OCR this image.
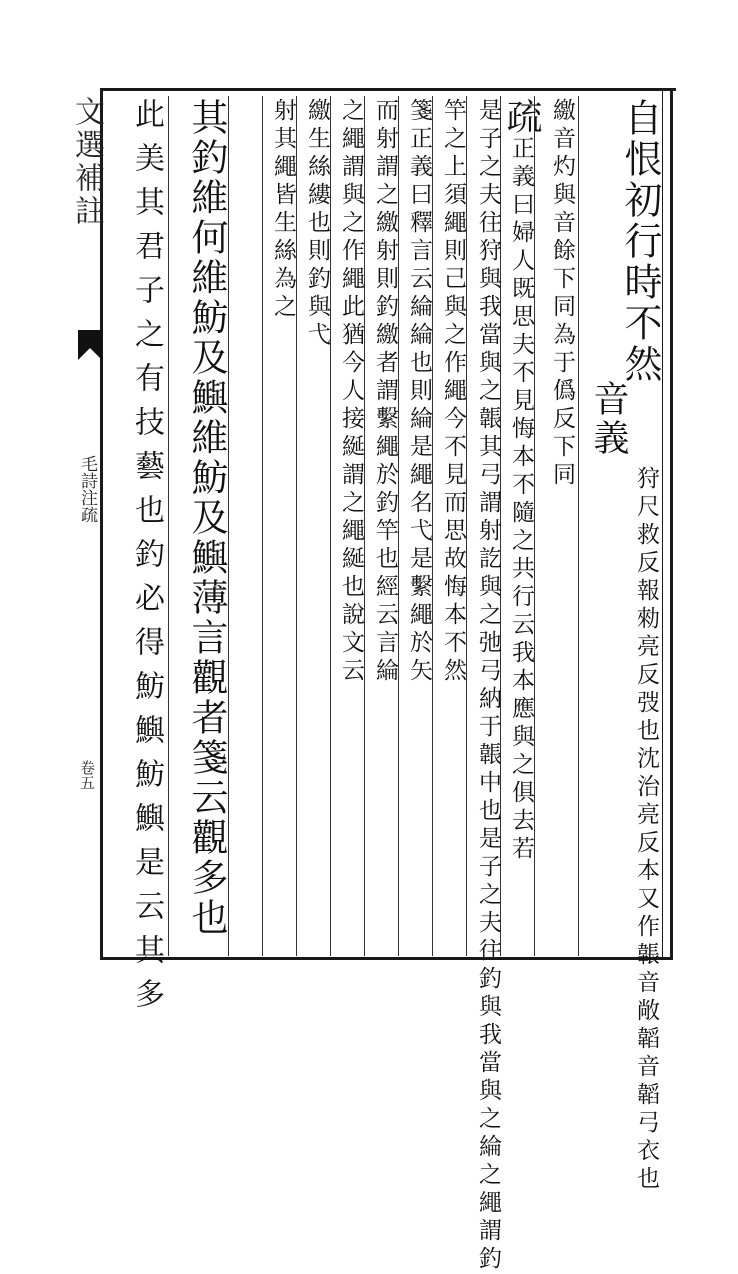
文選補註
毛詩注疏
卷五
自恨初行時不然
繳音灼與音餘下同為于僞反下同
疏正義曰婦人既思夫不見悔本不隨之共行云我本應與之俱去若
是子之夫往狩與我當與之韔其弓謂射訖與之弛弓納于韔中也是子之夫往釣與我當與之綸之繩謂釣
竿之上須繩則己與之作繩今不見而思故悔本不然
箋正義曰釋言云綸綸也則綸是繩名弋是繫繩於矢
而射謂之繳射則釣繳者謂繫繩於釣竿也經云言綸
之繩謂與之作繩此猶今人接綖謂之繩綖也說文云
繳生絲縷也則釣與弋
射其繩皆生絲為之
其釣維何維魴及鱮維魴及鱮薄言觀者箋云觀多也
此美其君子之有技藝也釣必得魴鱮魴鱮是云其多	狩尺救反報勑亮反弢也沈治亮反本又作韔音敞韜音韜弓衣也
音義
